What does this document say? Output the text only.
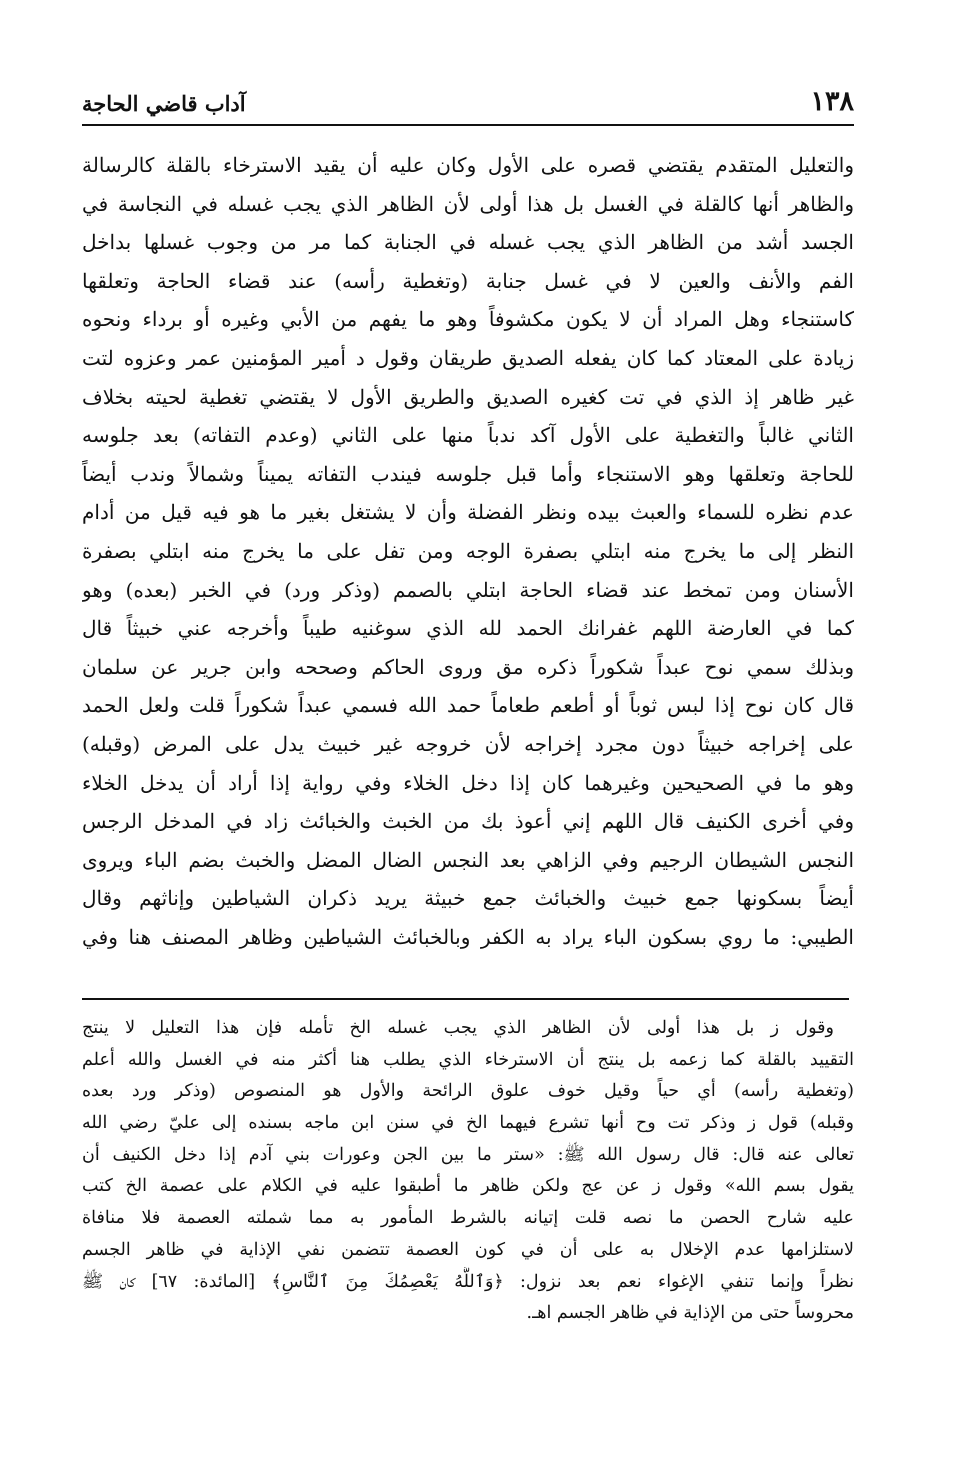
١٣٨
آداب قاضي الحاجة
والتعليل المتقدم يقتضي قصره على الأول وكان عليه أن يقيد الاسترخاء بالقلة كالرسالة
والظاهر أنها كالقلة في الغسل بل هذا أولى لأن الظاهر الذي يجب غسله في النجاسة في
الجسد أشد من الظاهر الذي يجب غسله في الجنابة كما مر من وجوب غسلها بداخل
الفم والأنف والعين لا في غسل جنابة (وتغطية رأسه) عند قضاء الحاجة وتعلقها
كاستنجاء وهل المراد أن لا يكون مكشوفاً وهو ما يفهم من الأبي وغيره أو برداء ونحوه
زيادة على المعتاد كما كان يفعله الصديق طريقان وقول د أمير المؤمنين عمر وعزوه لتت
غير ظاهر إذ الذي في تت كغيره الصديق والطريق الأول لا يقتضي تغطية لحيته بخلاف
الثاني غالباً والتغطية على الأول آكد ندباً منها على الثاني (وعدم التفاته) بعد جلوسه
للحاجة وتعلقها وهو الاستنجاء وأما قبل جلوسه فيندب التفاته يميناً وشمالاً وندب أيضاً
عدم نظره للسماء والعبث بيده ونظر الفضلة وأن لا يشتغل بغير ما هو فيه قيل من أدام
النظر إلى ما يخرج منه ابتلي بصفرة الوجه ومن تفل على ما يخرج منه ابتلي بصفرة
الأسنان ومن تمخط عند قضاء الحاجة ابتلي بالصمم (وذكر ورد) في الخبر (بعده) وهو
كما في العارضة اللهم غفرانك الحمد لله الذي سوغنيه طيباً وأخرجه عني خبيثاً قال
وبذلك سمي نوح عبداً شكوراً ذكره مق وروى الحاكم وصححه وابن جرير عن سلمان
قال كان نوح إذا لبس ثوباً أو أطعم طعاماً حمد الله فسمي عبداً شكوراً قلت ولعل الحمد
على إخراجه خبيثاً دون مجرد إخراجه لأن خروجه غير خبيث يدل على المرض (وقبله)
وهو ما في الصحيحين وغيرهما كان إذا دخل الخلاء وفي رواية إذا أراد أن يدخل الخلاء
وفي أخرى الكنيف قال اللهم إني أعوذ بك من الخبث والخبائث زاد في المدخل الرجس
النجس الشيطان الرجيم وفي الزاهي بعد النجس الضال المضل والخبث بضم الباء ويروى
أيضاً بسكونها جمع خبيث والخبائث جمع خبيثة يريد ذكران الشياطين وإناثهم وقال
الطيبي: ما روي بسكون الباء يراد به الكفر وبالخبائث الشياطين وظاهر المصنف هنا وفي
وقول ز بل هذا أولى لأن الظاهر الذي يجب غسله الخ تأمله فإن هذا التعليل لا ينتج
التقييد بالقلة كما زعمه بل ينتج أن الاسترخاء الذي يطلب هنا أكثر منه في الغسل والله أعلم
(وتغطية رأسه) أي حياً وقيل خوف علوق الرائحة والأول هو المنصوص (وذكر ورد بعده
وقبله) قول ز وذكر تت وح أنها تشرع فيهما الخ في سنن ابن ماجه بسنده إلى عليّ رضي الله
تعالى عنه قال: قال رسول الله ﷺ: «ستر ما بين الجن وعورات بني آدم إذا دخل الكنيف أن
يقول بسم الله» وقول ز عن عج ولكن ظاهر ما أطبقوا عليه في الكلام على عصمة الخ كتب
عليه شارح الحصن ما نصه قلت إتيانه بالشرط المأمور به مما شملته العصمة فلا منافاة
لاستلزامها عدم الإخلال به على أن في كون العصمة تتضمن نفي الإذاية في ظاهر الجسم
نظراً وإنما تنفي الإغواء نعم بعد نزول: ﴿وَٱللَّهُ يَعْصِمُكَ مِنَ ٱلنَّاسِ﴾ [المائدة: ٦٧] كان ﷺ
محروساً حتى من الإذاية في ظاهر الجسم اهـ.
